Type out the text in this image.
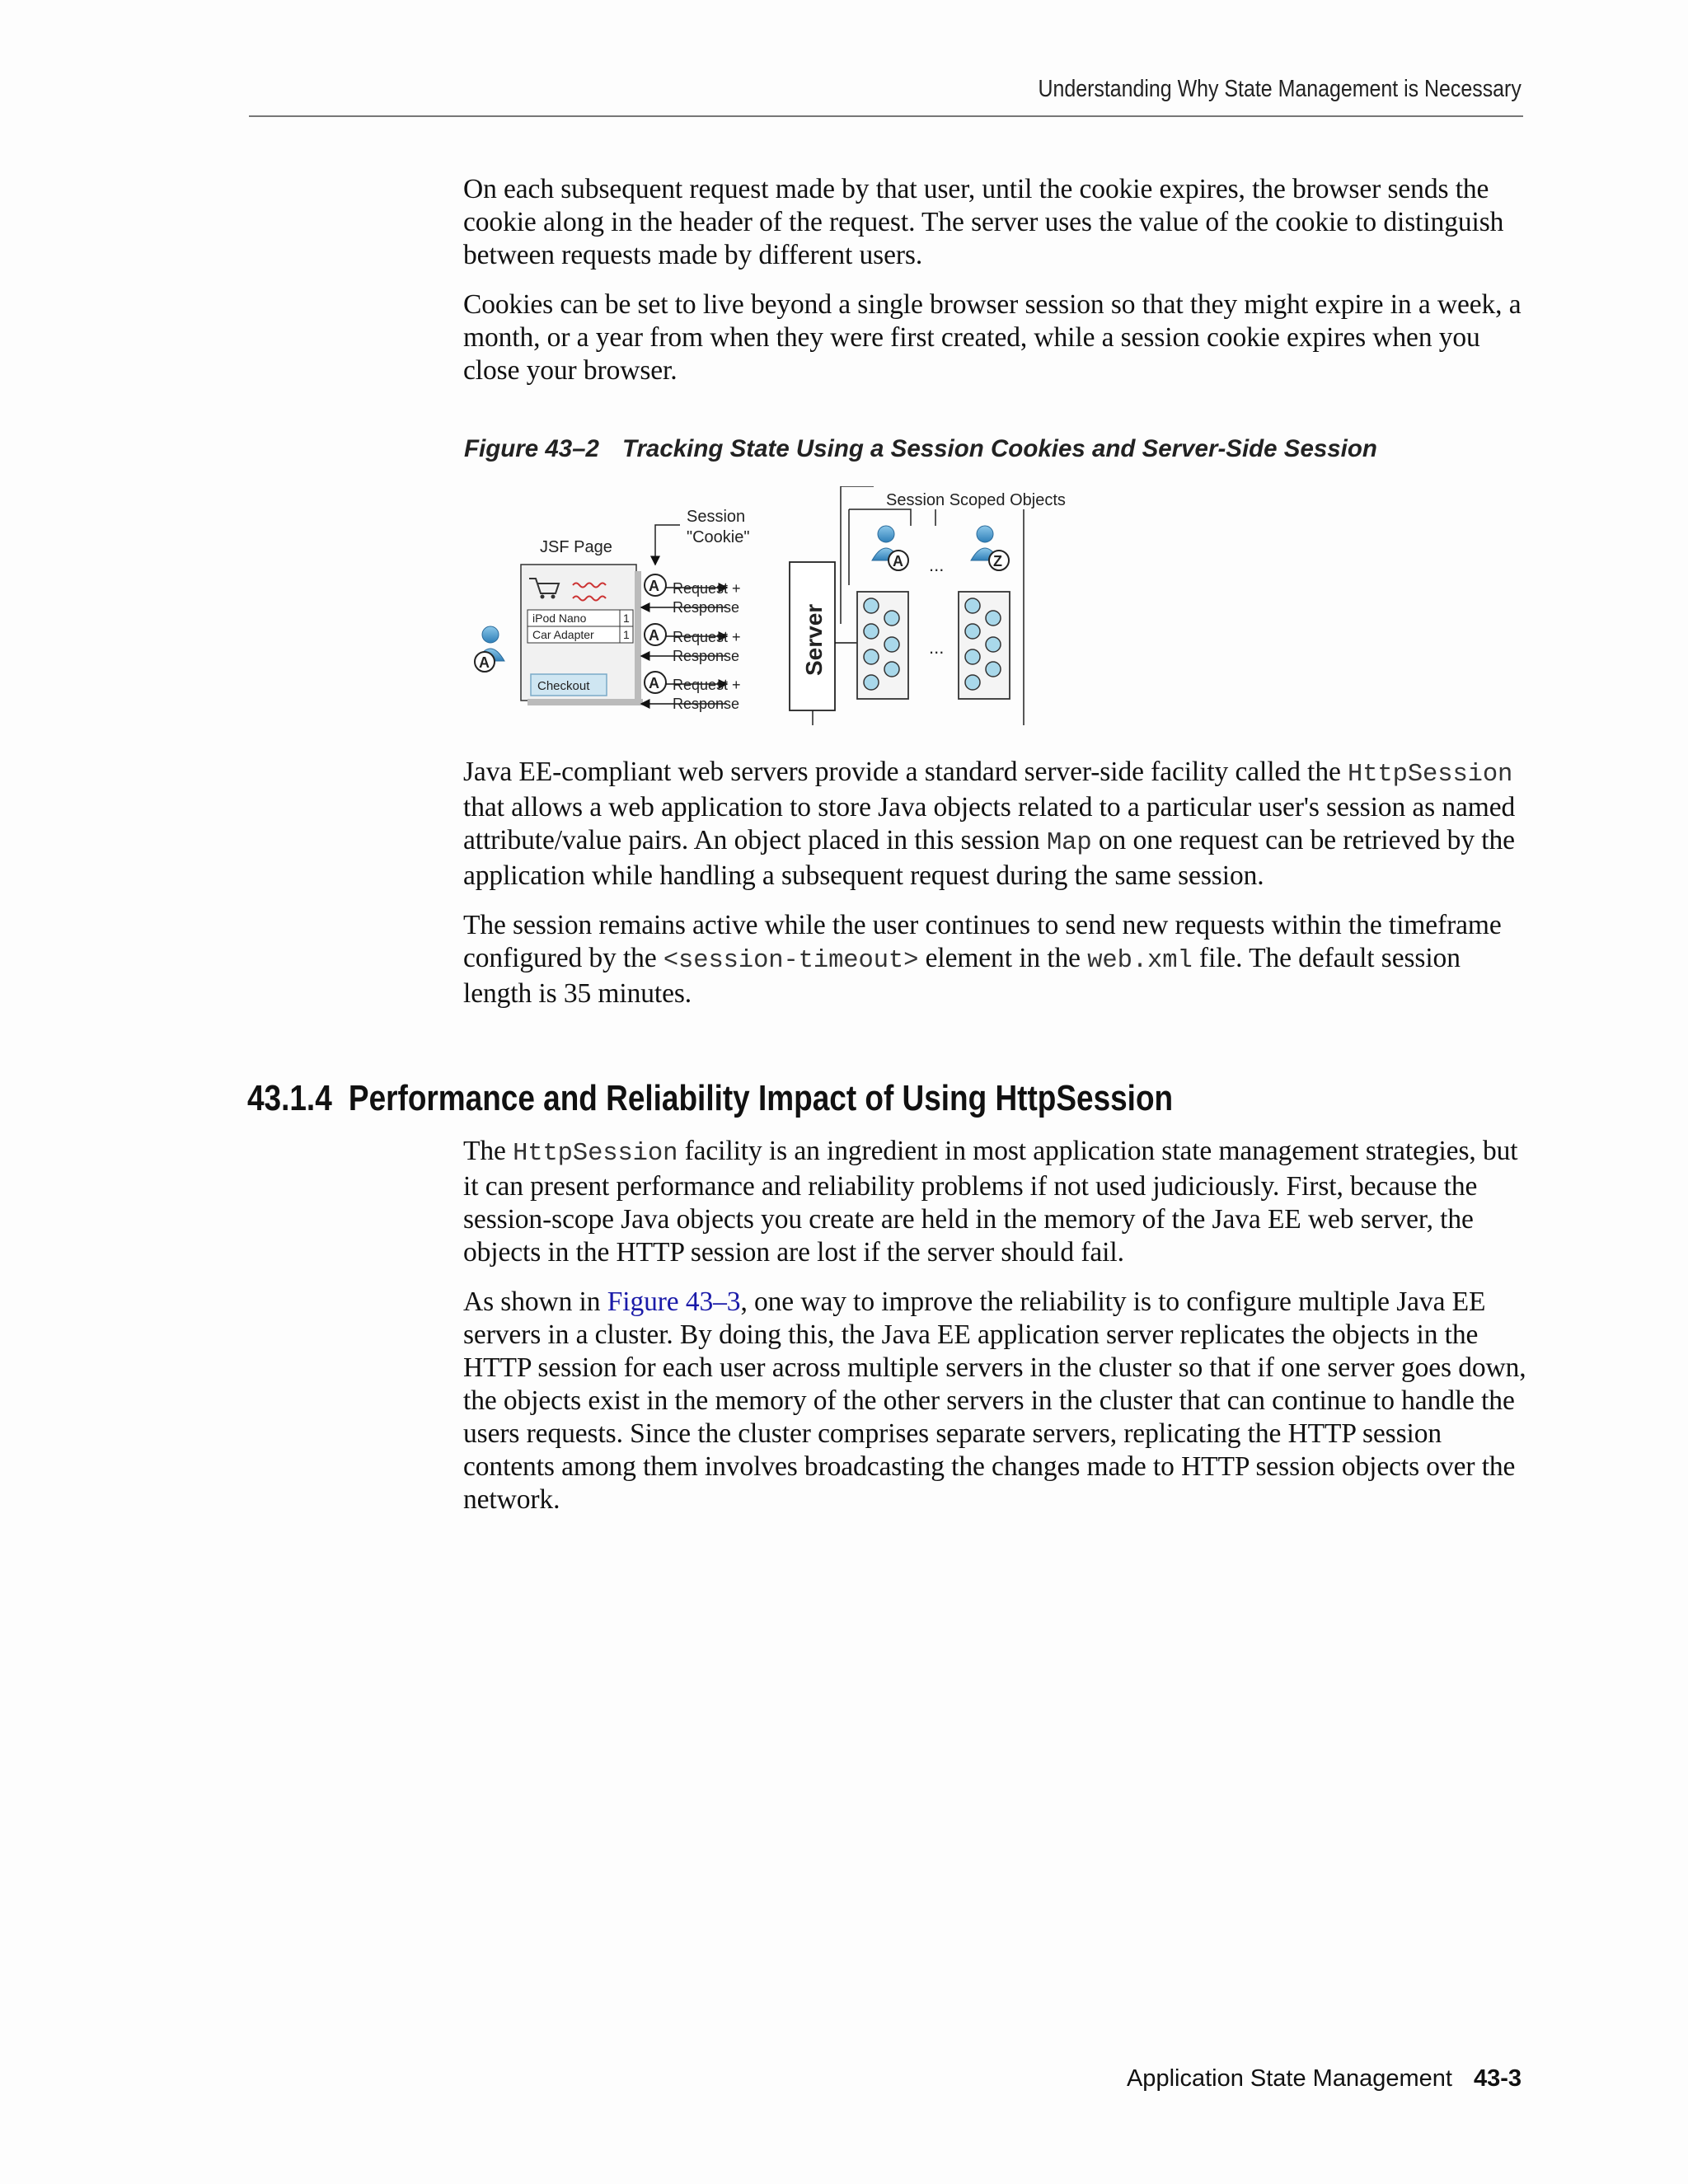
Understanding Why State Management is Necessary

On each subsequent request made by that user, until the cookie expires, the browser sends the cookie along in the header of the request. The server uses the value of the cookie to distinguish between requests made by different users.

Cookies can be set to live beyond a single browser session so that they might expire in a week, a month, or a year from when they were first created, while a session cookie expires when you close your browser.

Figure 43–2 Tracking State Using a Session Cookies and Server-Side Session
Session Scoped Objects
Session
"Cookie"
JSF Page
iPod Nano	1
Car Adapter	1
Checkout
A
A Request +
Response
A Request +
Response
A Request +
Response
Server
A ...
...
Z

Java EE-compliant web servers provide a standard server-side facility called the HttpSession that allows a web application to store Java objects related to a particular user's session as named attribute/value pairs. An object placed in this session Map on one request can be retrieved by the application while handling a subsequent request during the same session.

The session remains active while the user continues to send new requests within the timeframe configured by the <session-timeout> element in the web.xml file. The default session length is 35 minutes.

43.1.4 Performance and Reliability Impact of Using HttpSession

The HttpSession facility is an ingredient in most application state management strategies, but it can present performance and reliability problems if not used judiciously. First, because the session-scope Java objects you create are held in the memory of the Java EE web server, the objects in the HTTP session are lost if the server should fail.

As shown in Figure 43–3, one way to improve the reliability is to configure multiple Java EE servers in a cluster. By doing this, the Java EE application server replicates the objects in the HTTP session for each user across multiple servers in the cluster so that if one server goes down, the objects exist in the memory of the other servers in the cluster that can continue to handle the users requests. Since the cluster comprises separate servers, replicating the HTTP session contents among them involves broadcasting the changes made to HTTP session objects over the network.

Application State Management 43-3
